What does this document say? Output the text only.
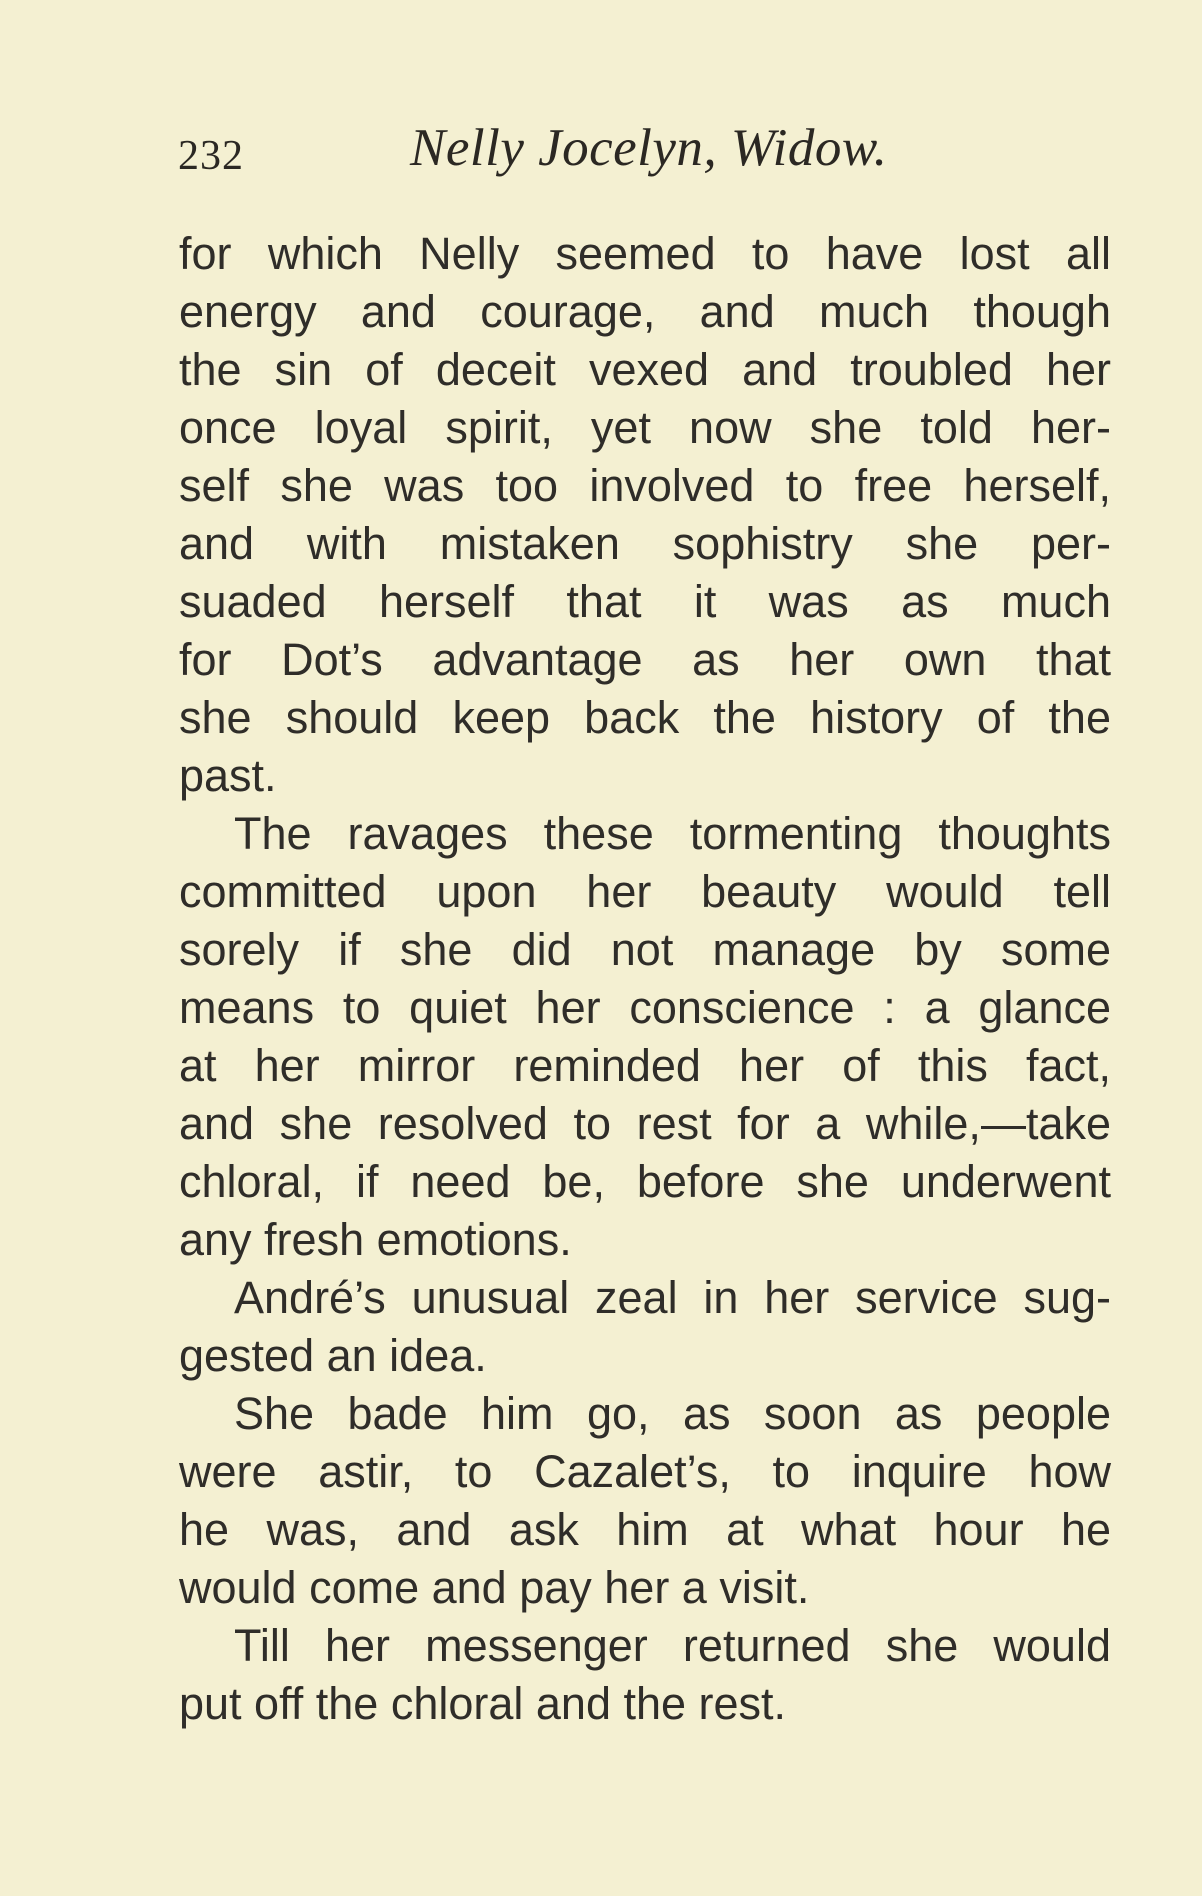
232	Nelly Jocelyn, Widow.
for which Nelly seemed to have lost all
energy and courage, and much though
the sin of deceit vexed and troubled her
once loyal spirit, yet now she told her-
self she was too involved to free herself,
and with mistaken sophistry she per-
suaded herself that it was as much
for Dot’s advantage as her own that
she should keep back the history of the
past.
The ravages these tormenting thoughts
committed upon her beauty would tell
sorely if she did not manage by some
means to quiet her conscience : a glance
at her mirror reminded her of this fact,
and she resolved to rest for a while,—take
chloral, if need be, before she underwent
any fresh emotions.
André’s unusual zeal in her service sug-
gested an idea.
She bade him go, as soon as people
were astir, to Cazalet’s, to inquire how
he was, and ask him at what hour he
would come and pay her a visit.
Till her messenger returned she would
put off the chloral and the rest.
